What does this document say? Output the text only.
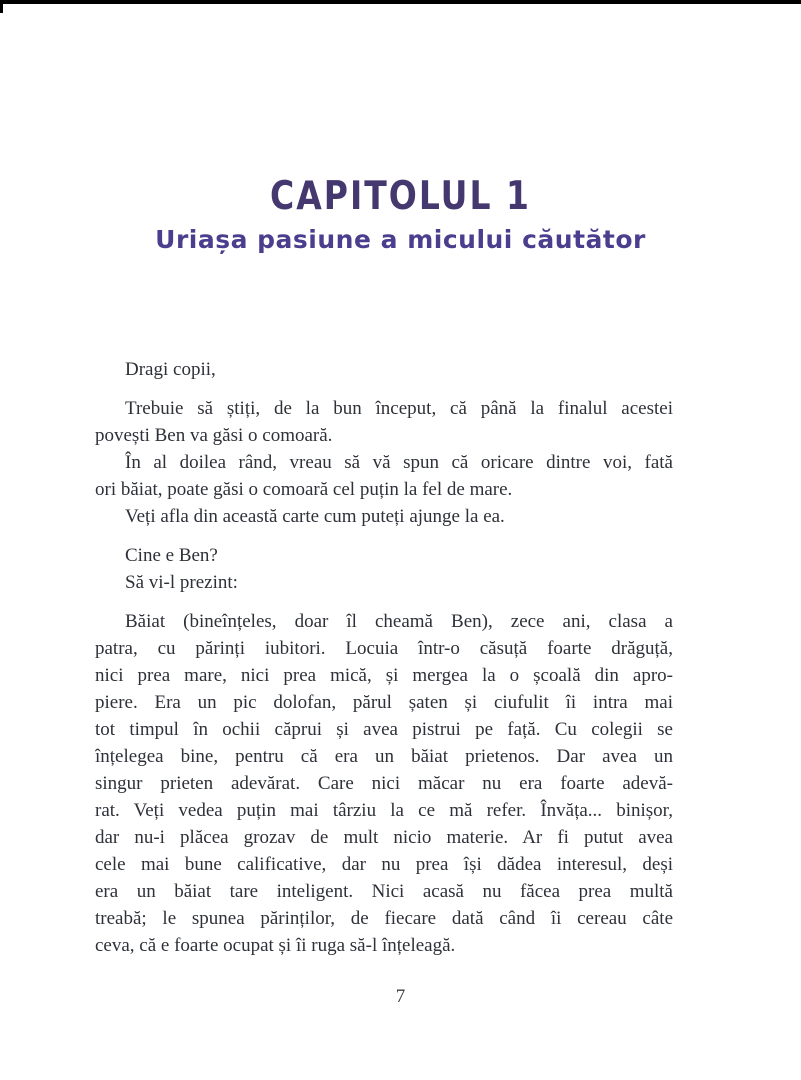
CAPITOLUL 1
Uriașa pasiune a micului căutător
Dragi copii,
Trebuie să știți, de la bun început, că până la finalul acestei
povești Ben va găsi o comoară.
În al doilea rând, vreau să vă spun că oricare dintre voi, fată
ori băiat, poate găsi o comoară cel puțin la fel de mare.
Veți afla din această carte cum puteți ajunge la ea.
Cine e Ben?
Să vi-l prezint:
Băiat (bineînțeles, doar îl cheamă Ben), zece ani, clasa a
patra, cu părinți iubitori. Locuia într-o căsuță foarte drăguță,
nici prea mare, nici prea mică, și mergea la o școală din apro-
piere. Era un pic dolofan, părul șaten și ciufulit îi intra mai
tot timpul în ochii căprui și avea pistrui pe față. Cu colegii se
înțelegea bine, pentru că era un băiat prietenos. Dar avea un
singur prieten adevărat. Care nici măcar nu era foarte adevă-
rat. Veți vedea puțin mai târziu la ce mă refer. Învăța... binișor,
dar nu-i plăcea grozav de mult nicio materie. Ar fi putut avea
cele mai bune calificative, dar nu prea își dădea interesul, deși
era un băiat tare inteligent. Nici acasă nu făcea prea multă
treabă; le spunea părinților, de fiecare dată când îi cereau câte
ceva, că e foarte ocupat și îi ruga să-l înțeleagă.
7
